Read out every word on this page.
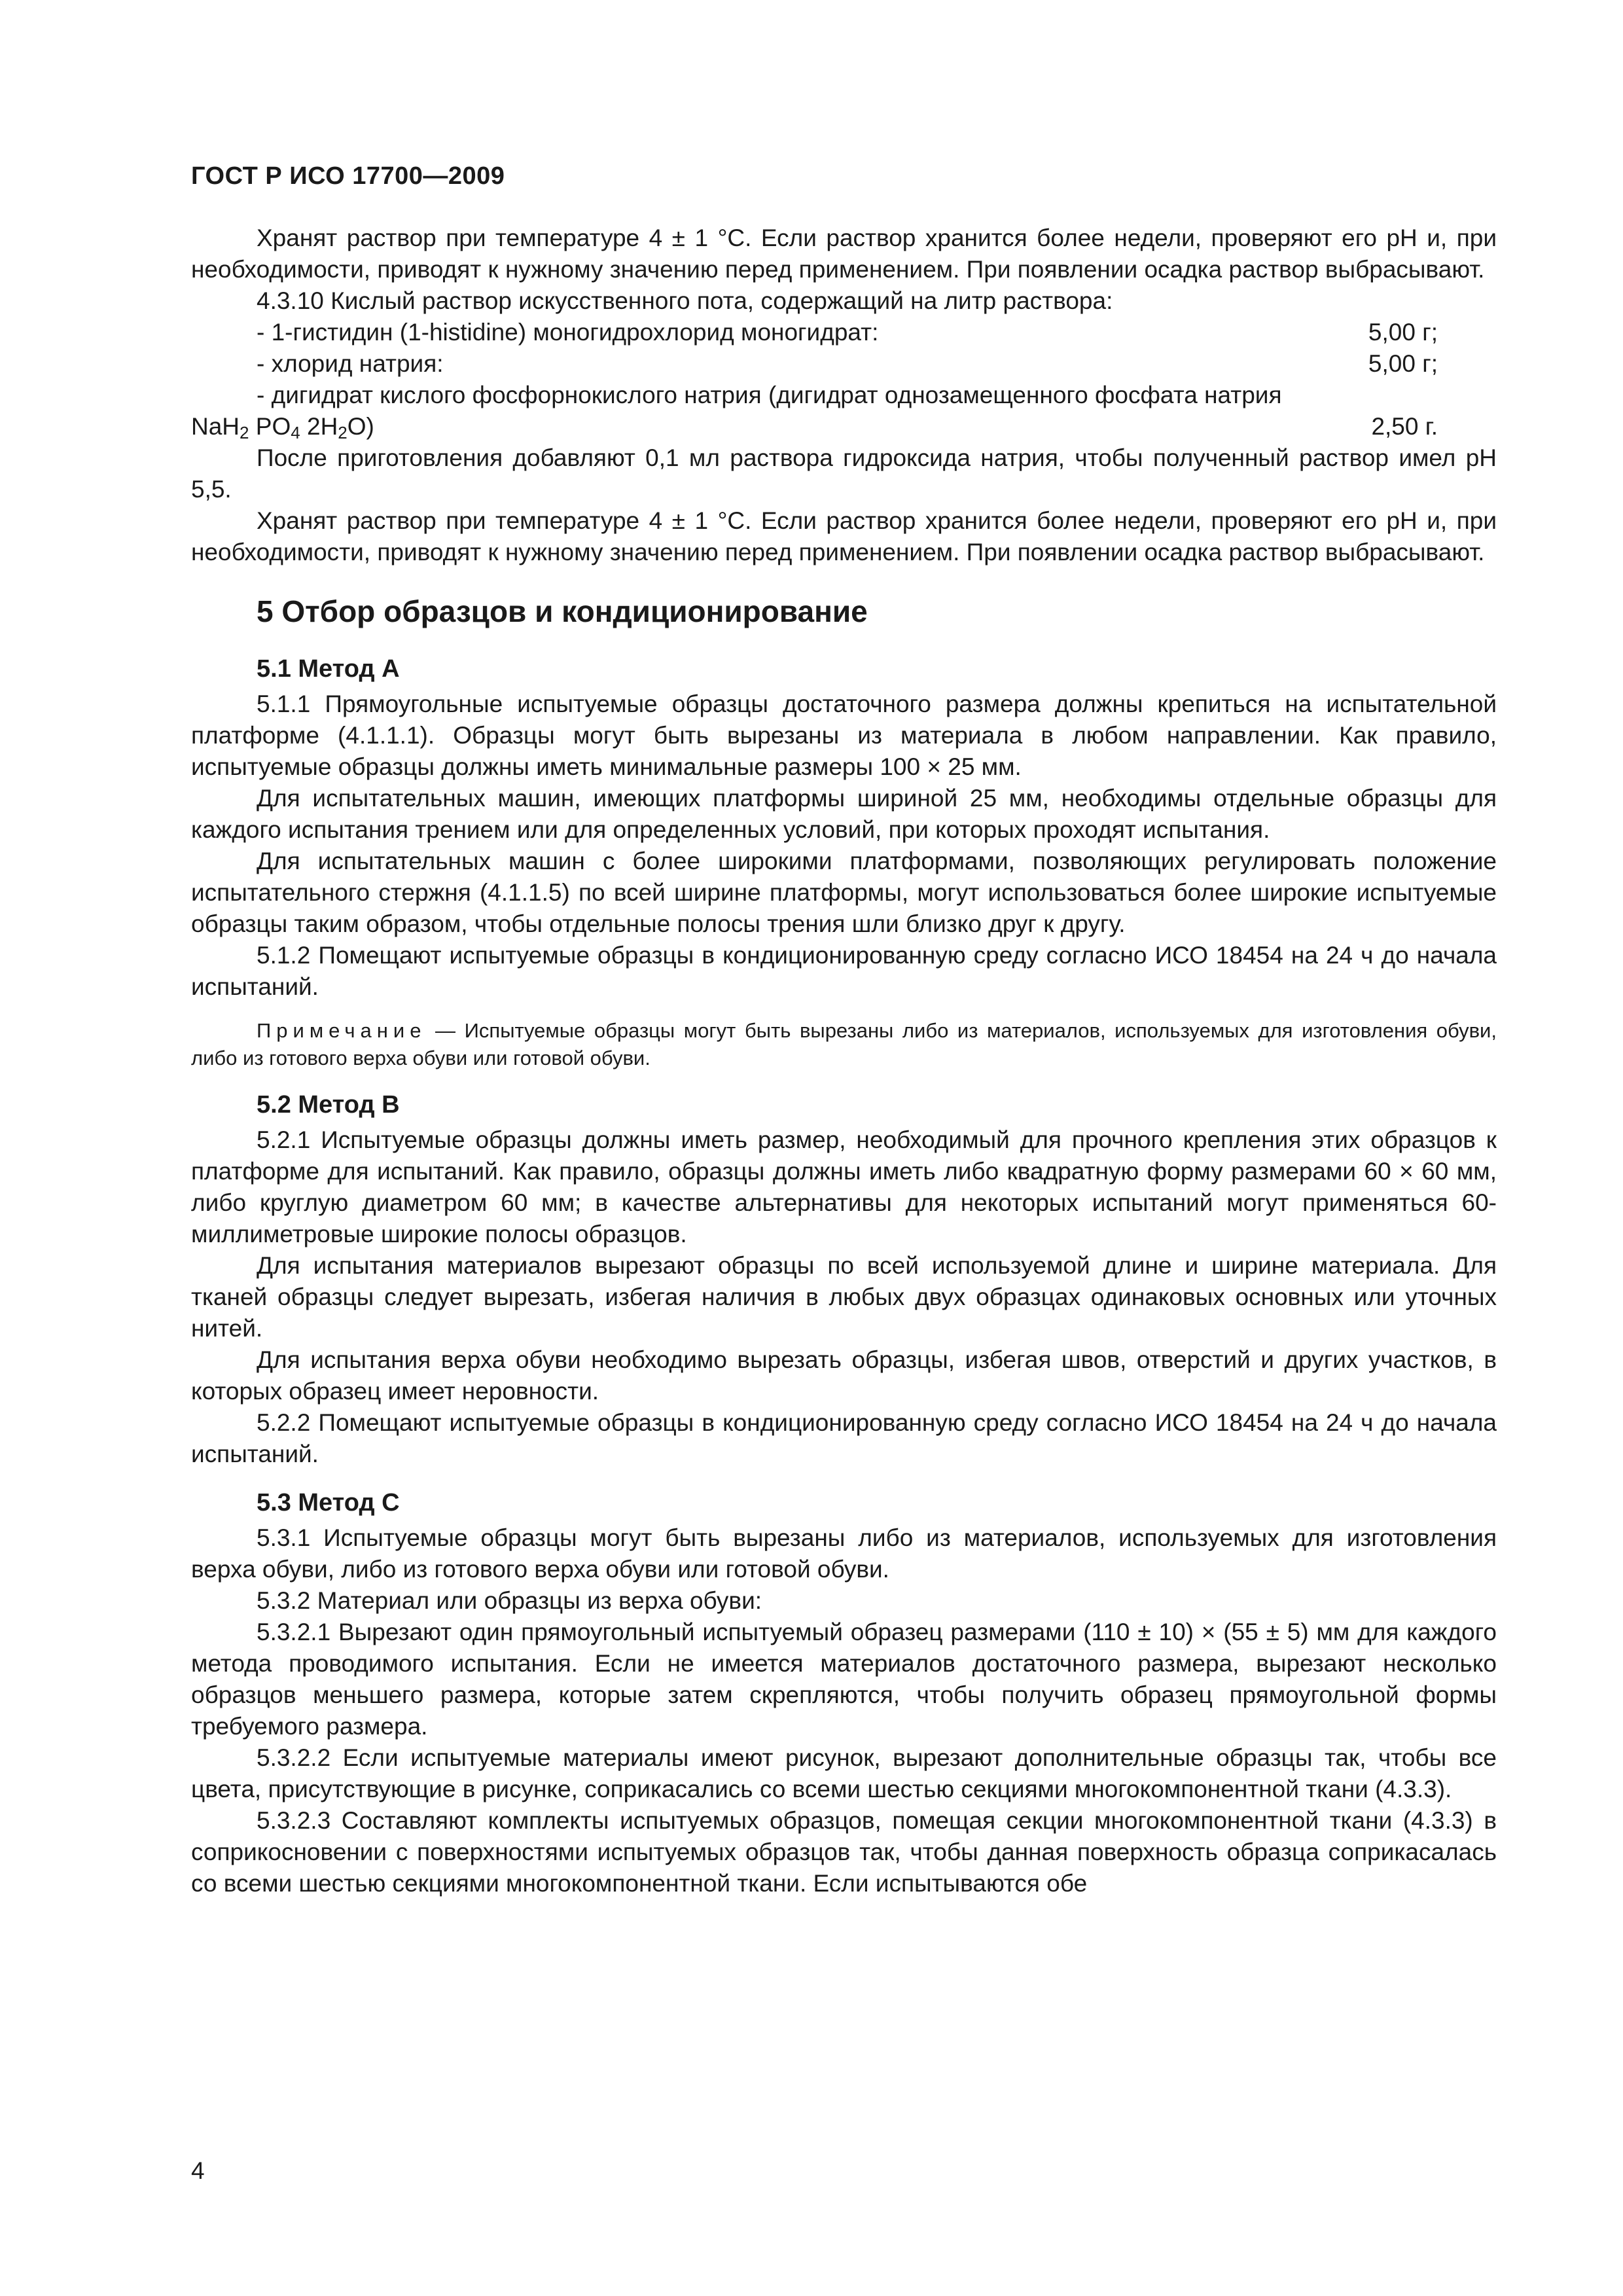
ГОСТ Р ИСО 17700—2009

Хранят раствор при температуре 4 ± 1 °С. Если раствор хранится более недели, проверяют его рН и, при необходимости, приводят к нужному значению перед применением. При появлении осадка раствор выбрасывают.

4.3.10 Кислый раствор искусственного пота, содержащий на литр раствора:

- 1-гистидин (1-histidine) моногидрохлорид моногидрат:	5,00 г;
- хлорид натрия:	5,00 г;

- дигидрат кислого фосфорнокислого натрия (дигидрат однозамещенного фосфата натрия

NaH$_2$ $PO_4$ $2H_2O$)	2,50 г.

После приготовления добавляют 0,1 мл раствора гидроксида натрия, чтобы полученный раствор имел рН 5,5.

Хранят раствор при температуре 4 ± 1 °С. Если раствор хранится более недели, проверяют его рН и, при необходимости, приводят к нужному значению перед применением. При появлении осадка раствор выбрасывают.

5 Отбор образцов и кондиционирование
5.1 Метод А

5.1.1 Прямоугольные испытуемые образцы достаточного размера должны крепиться на испытательной платформе (4.1.1.1). Образцы могут быть вырезаны из материала в любом направлении. Как правило, испытуемые образцы должны иметь минимальные размеры 100 × 25 мм.

Для испытательных машин, имеющих платформы шириной 25 мм, необходимы отдельные образцы для каждого испытания трением или для определенных условий, при которых проходят испытания.

Для испытательных машин с более широкими платформами, позволяющих регулировать положение испытательного стержня (4.1.1.5) по всей ширине платформы, могут использоваться более широкие испытуемые образцы таким образом, чтобы отдельные полосы трения шли близко друг к другу.

5.1.2 Помещают испытуемые образцы в кондиционированную среду согласно ИСО 18454 на 24 ч до начала испытаний.

Примечание — Испытуемые образцы могут быть вырезаны либо из материалов, используемых для изготовления обуви, либо из готового верха обуви или готовой обуви.
5.2 Метод В

5.2.1 Испытуемые образцы должны иметь размер, необходимый для прочного крепления этих образцов к платформе для испытаний. Как правило, образцы должны иметь либо квадратную форму размерами 60 × 60 мм, либо круглую диаметром 60 мм; в качестве альтернативы для некоторых испытаний могут применяться 60-миллиметровые широкие полосы образцов.

Для испытания материалов вырезают образцы по всей используемой длине и ширине материала. Для тканей образцы следует вырезать, избегая наличия в любых двух образцах одинаковых основных или уточных нитей.

Для испытания верха обуви необходимо вырезать образцы, избегая швов, отверстий и других участков, в которых образец имеет неровности.

5.2.2 Помещают испытуемые образцы в кондиционированную среду согласно ИСО 18454 на 24 ч до начала испытаний.

5.3 Метод С

5.3.1 Испытуемые образцы могут быть вырезаны либо из материалов, используемых для изготовления верха обуви, либо из готового верха обуви или готовой обуви.

5.3.2 Материал или образцы из верха обуви:

5.3.2.1 Вырезают один прямоугольный испытуемый образец размерами (110 ± 10) × (55 ± 5) мм для каждого метода проводимого испытания. Если не имеется материалов достаточного размера, вырезают несколько образцов меньшего размера, которые затем скрепляются, чтобы получить образец прямоугольной формы требуемого размера.

5.3.2.2 Если испытуемые материалы имеют рисунок, вырезают дополнительные образцы так, чтобы все цвета, присутствующие в рисунке, соприкасались со всеми шестью секциями многокомпонентной ткани (4.3.3).

5.3.2.3 Составляют комплекты испытуемых образцов, помещая секции многокомпонентной ткани (4.3.3) в соприкосновении с поверхностями испытуемых образцов так, чтобы данная поверхность образца соприкасалась со всеми шестью секциями многокомпонентной ткани. Если испытываются обе

4
